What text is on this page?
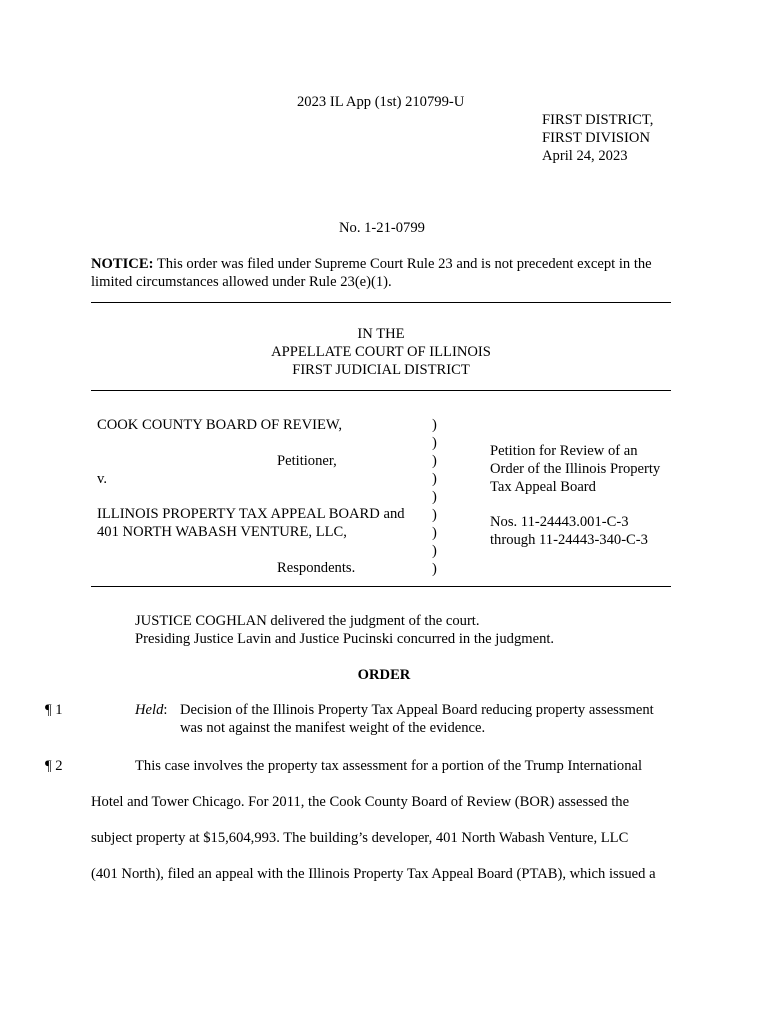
2023 IL App (1st) 210799-U
FIRST DISTRICT,
FIRST DIVISION
April 24, 2023
No. 1-21-0799
NOTICE: This order was filed under Supreme Court Rule 23 and is not precedent except in the
limited circumstances allowed under Rule 23(e)(1).
IN THE
APPELLATE COURT OF ILLINOIS
FIRST JUDICIAL DISTRICT
COOK COUNTY BOARD OF REVIEW,
Petitioner,
v.
ILLINOIS PROPERTY TAX APPEAL BOARD and
401 NORTH WABASH VENTURE, LLC,
Respondents.
)
)
)
)
)
)
)
)
)
Petition for Review of an
Order of the Illinois Property
Tax Appeal Board
Nos. 11-24443.001-C-3
through 11-24443-340-C-3
JUSTICE COGHLAN delivered the judgment of the court.
Presiding Justice Lavin and Justice Pucinski concurred in the judgment.
ORDER
¶ 1	Held: Decision of the Illinois Property Tax Appeal Board reducing property assessment
was not against the manifest weight of the evidence.
¶ 2	This case involves the property tax assessment for a portion of the Trump International
Hotel and Tower Chicago. For 2011, the Cook County Board of Review (BOR) assessed the
subject property at $15,604,993. The building’s developer, 401 North Wabash Venture, LLC
(401 North), filed an appeal with the Illinois Property Tax Appeal Board (PTAB), which issued a
